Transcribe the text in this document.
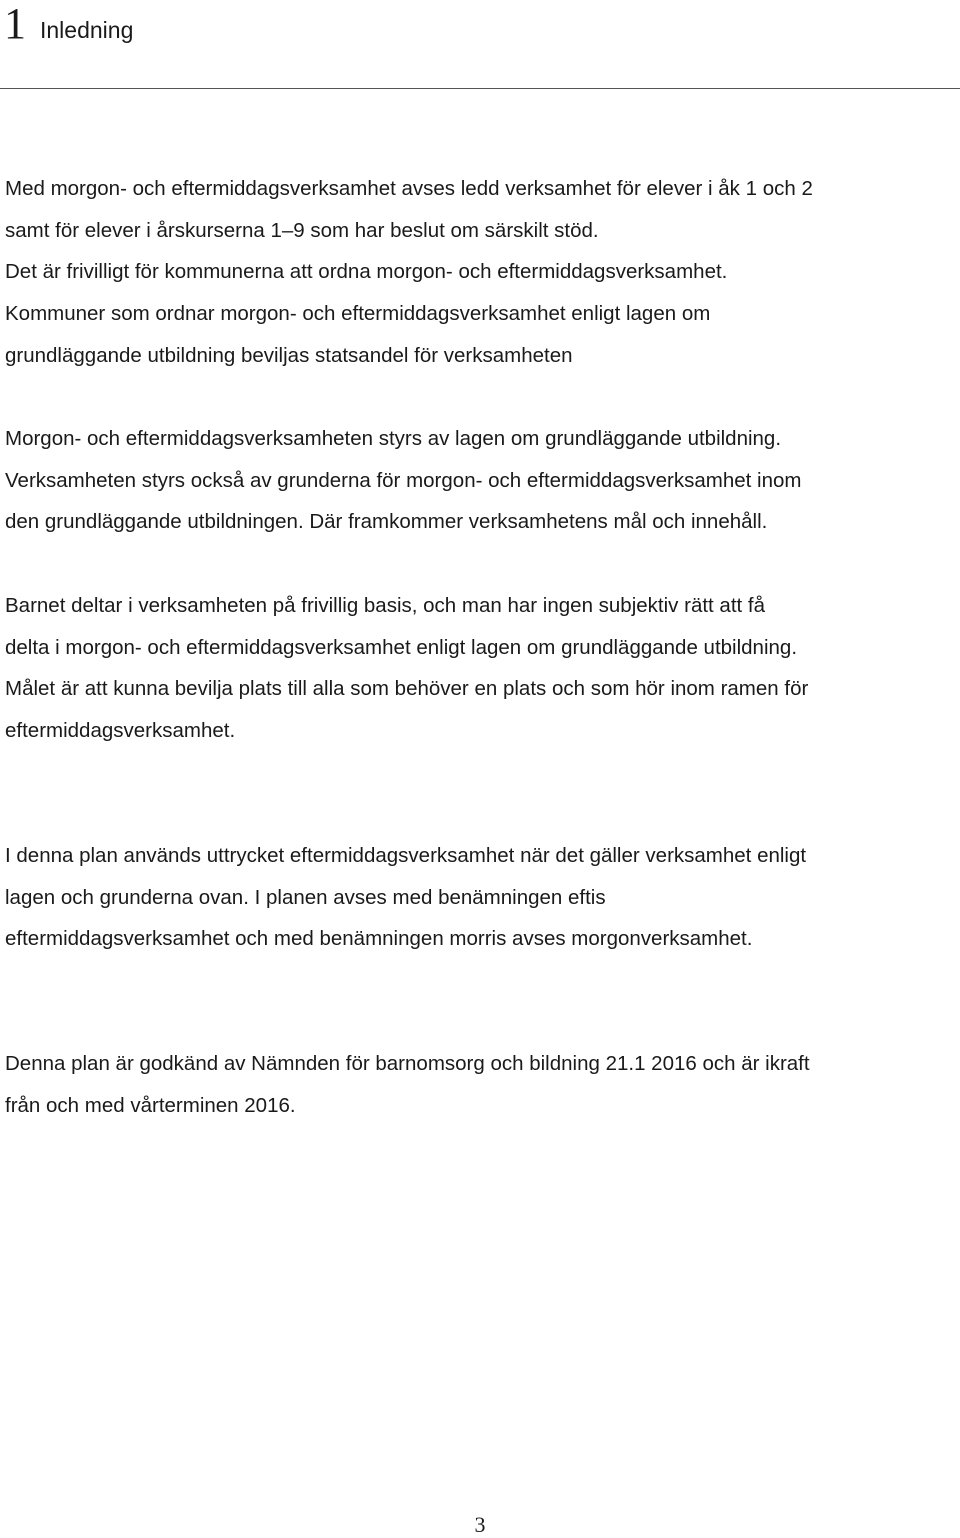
1 Inledning

Med morgon- och eftermiddagsverksamhet avses ledd verksamhet för elever i åk 1 och 2
samt för elever i årskurserna 1–9 som har beslut om särskilt stöd.
Det är frivilligt för kommunerna att ordna morgon- och eftermiddagsverksamhet.
Kommuner som ordnar morgon- och eftermiddagsverksamhet enligt lagen om
grundläggande utbildning beviljas statsandel för verksamheten

Morgon- och eftermiddagsverksamheten styrs av lagen om grundläggande utbildning.
Verksamheten styrs också av grunderna för morgon- och eftermiddagsverksamhet inom
den grundläggande utbildningen. Där framkommer verksamhetens mål och innehåll.

Barnet deltar i verksamheten på frivillig basis, och man har ingen subjektiv rätt att få
delta i morgon- och eftermiddagsverksamhet enligt lagen om grundläggande utbildning.
Målet är att kunna bevilja plats till alla som behöver en plats och som hör inom ramen för
eftermiddagsverksamhet.

I denna plan används uttrycket eftermiddagsverksamhet när det gäller verksamhet enligt
lagen och grunderna ovan. I planen avses med benämningen eftis
eftermiddagsverksamhet och med benämningen morris avses morgonverksamhet.

Denna plan är godkänd av Nämnden för barnomsorg och bildning 21.1 2016 och är ikraft
från och med vårterminen 2016.

3
